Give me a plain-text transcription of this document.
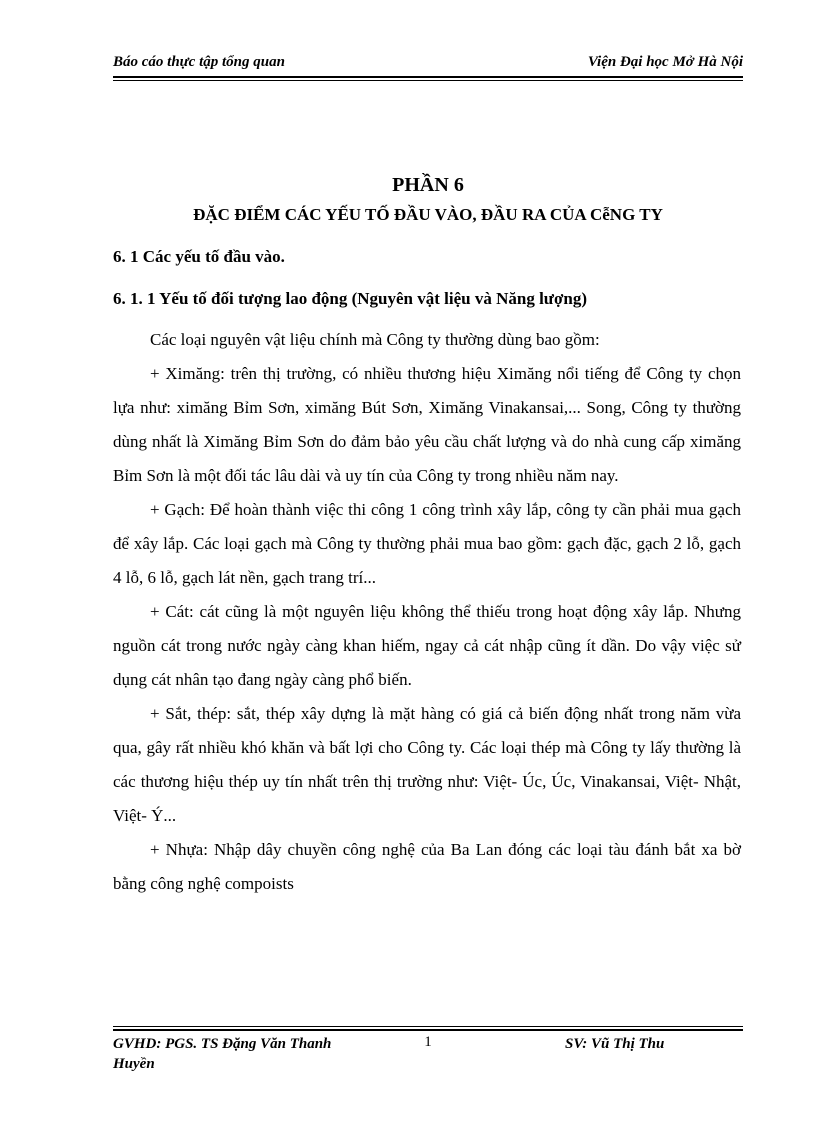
Báo cáo thực tập tổng quan	Viện Đại học Mở Hà Nội
PHẦN 6
ĐẶC ĐIỂM CÁC YẾU TỐ ĐẦU VÀO, ĐẦU RA CỦA CễNG TY
6. 1 Các yếu tố đầu vào.
6. 1. 1 Yếu tố đối tượng lao động (Nguyên vật liệu và Năng lượng)

Các loại nguyên vật liệu chính mà Công ty thường dùng bao gồm:

+ Ximăng: trên thị trường, có nhiều thương hiệu Ximăng nổi tiếng để Công ty chọn lựa như: ximăng Bỉm Sơn, ximăng Bút Sơn, Ximăng Vinakansai,... Song, Công ty thường dùng nhất là Ximăng Bỉm Sơn do đảm bảo yêu cầu chất lượng và do nhà cung cấp ximăng Bỉm Sơn là một đối tác lâu dài và uy tín của Công ty trong nhiều năm nay.

+ Gạch: Để hoàn thành việc thi công 1 công trình xây lắp, công ty cần phải mua gạch để xây lắp. Các loại gạch mà Công ty thường phải mua bao gồm: gạch đặc, gạch 2 lỗ, gạch 4 lỗ, 6 lỗ, gạch lát nền, gạch trang trí...

+ Cát: cát cũng là một nguyên liệu không thể thiếu trong hoạt động xây lắp. Nhưng nguồn cát trong nước ngày càng khan hiếm, ngay cả cát nhập cũng ít dần. Do vậy việc sử dụng cát nhân tạo đang ngày càng phổ biến.

+ Sắt, thép: sắt, thép xây dựng là mặt hàng có giá cả biến động nhất trong năm vừa qua, gây rất nhiều khó khăn và bất lợi cho Công ty. Các loại thép mà Công ty lấy thường là các thương hiệu thép uy tín nhất trên thị trường như: Việt- Úc, Úc, Vinakansai, Việt- Nhật, Việt- Ý...

+ Nhựa: Nhập dây chuyền công nghệ của Ba Lan đóng các loại tàu đánh bắt xa bờ bằng công nghệ compoists

GVHD: PGS. TS Đặng Văn Thanh Huyền
1	SV: Vũ Thị Thu
